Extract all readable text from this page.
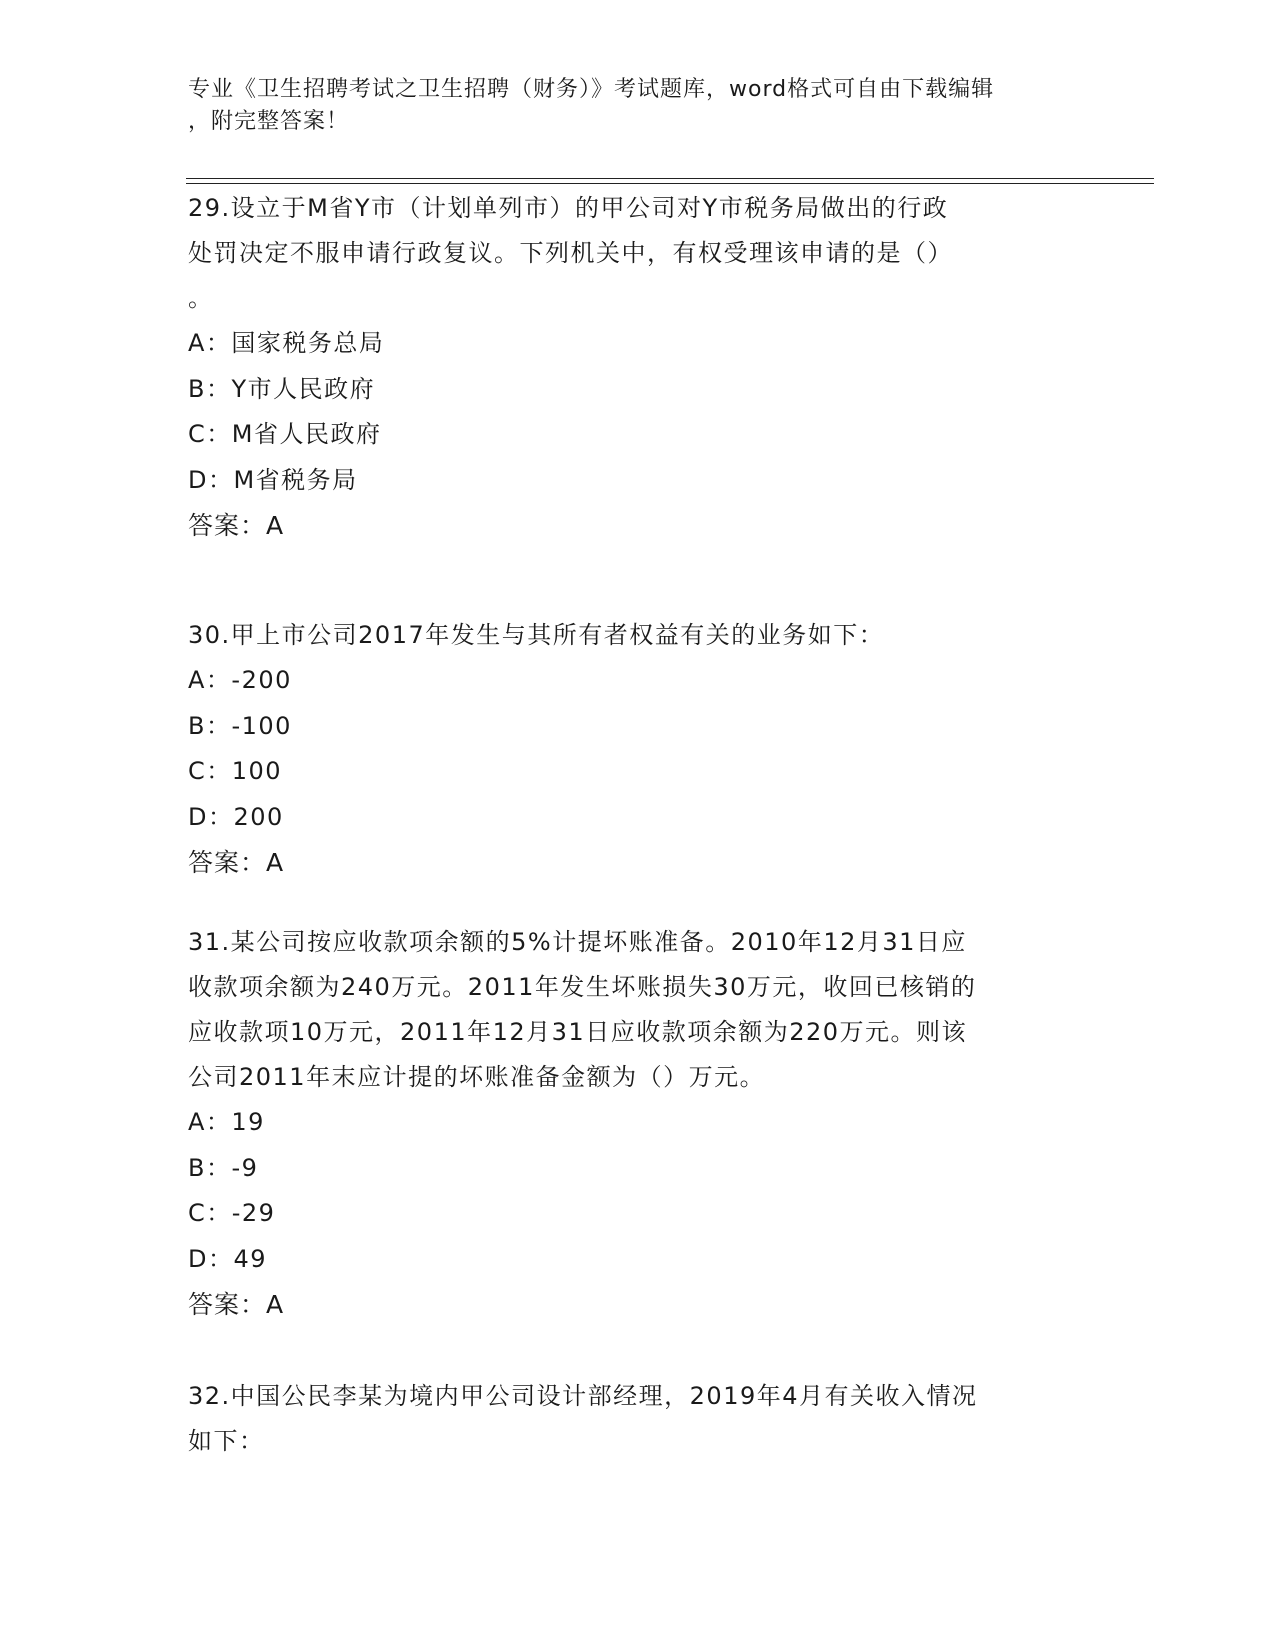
专业《卫生招聘考试之卫生招聘（财务）》考试题库，word格式可自由下载编辑
，附完整答案！
29.设立于M省Y市（计划单列市）的甲公司对Y市税务局做出的行政
处罚决定不服申请行政复议。下列机关中，有权受理该申请的是（）
。
A：国家税务总局
B：Y市人民政府
C：M省人民政府
D：M省税务局
答案：A
30.甲上市公司2017年发生与其所有者权益有关的业务如下：
A：-200
B：-100
C：100
D：200
答案：A
31.某公司按应收款项余额的5%计提坏账准备。2010年12月31日应
收款项余额为240万元。2011年发生坏账损失30万元，收回已核销的
应收款项10万元，2011年12月31日应收款项余额为220万元。则该
公司2011年末应计提的坏账准备金额为（）万元。
A：19
B：-9
C：-29
D：49
答案：A
32.中国公民李某为境内甲公司设计部经理，2019年4月有关收入情况
如下：
